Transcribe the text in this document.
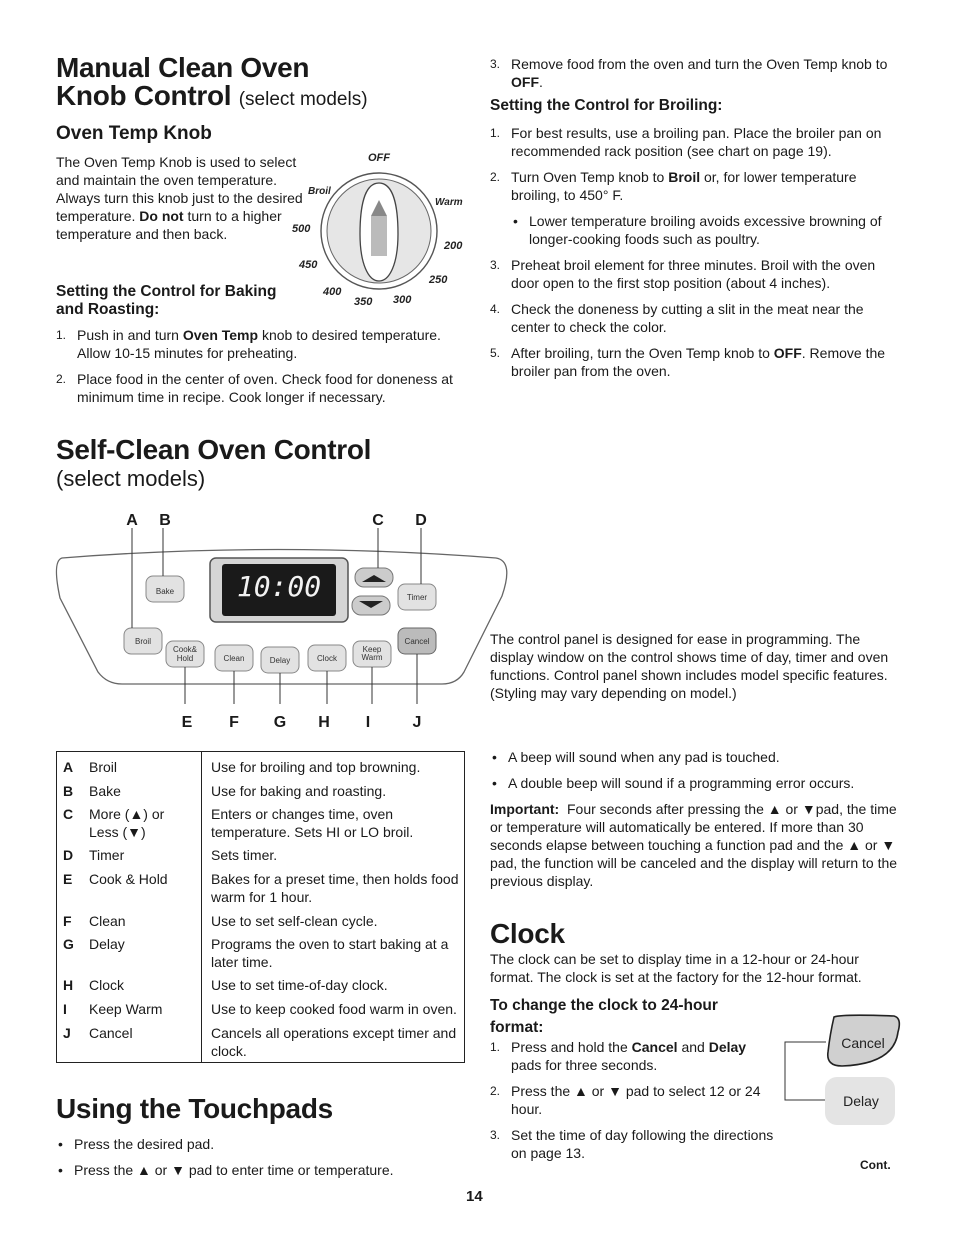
Manual Clean Oven
Knob Control (select models)
Oven Temp Knob
The Oven Temp Knob is used to select and maintain the oven temperature. Always turn this knob just to the desired temperature. Do not turn to a higher temperature and then back.
OFF
Broil
Warm
500
200
450
250
400
300
350
Setting the Control for Baking and Roasting:
1. Push in and turn Oven Temp knob to desired temperature. Allow 10-15 minutes for preheating.
2. Place food in the center of oven. Check food for doneness at minimum time in recipe. Cook longer if necessary.
3. Remove food from the oven and turn the Oven Temp knob to OFF.
Setting the Control for Broiling:
1. For best results, use a broiling pan. Place the broiler pan on recommended rack position (see chart on page 19).
2. Turn Oven Temp knob to Broil or, for lower temperature broiling, to 450° F.
• Lower temperature broiling avoids excessive browning of longer-cooking foods such as poultry.
3. Preheat broil element for three minutes. Broil with the oven door open to the first stop position (about 4 inches).
4. Check the doneness by cutting a slit in the meat near the center to check the color.
5. After broiling, turn the Oven Temp knob to OFF. Remove the broiler pan from the oven.
Self-Clean Oven Control
(select models)
10:00
Bake
Broil
Cook&
Hold	Clean	Delay	Clock
Keep
Warm
Cancel
Timer
A B	C D
E F G H I	J
The control panel is designed for ease in programming. The display window on the control shows time of day, timer and oven functions. Control panel shown includes model specific features. (Styling may vary depending on model.)
A	Broil	Use for broiling and top browning.
B	Bake	Use for baking and roasting.
C	More (▲) or Less (▼)	Enters or changes time, oven temperature. Sets HI or LO broil.
D	Timer	Sets timer.
E	Cook & Hold	Bakes for a preset time, then holds food warm for 1 hour.
F	Clean	Use to set self-clean cycle.
G	Delay	Programs the oven to start baking at a later time.
H	Clock	Use to set time-of-day clock.
I	Keep Warm	Use to keep cooked food warm in oven.
J	Cancel	Cancels all operations except timer and clock.
• A beep will sound when any pad is touched.
• A double beep will sound if a programming error occurs.
Important: Four seconds after pressing the ▲ or ▼pad, the time or temperature will automatically be entered. If more than 30 seconds elapse between touching a function pad and the ▲ or ▼ pad, the function will be canceled and the display will return to the previous display.
Using the Touchpads
• Press the desired pad.
• Press the ▲ or ▼ pad to enter time or temperature.
Clock
The clock can be set to display time in a 12-hour or 24-hour format. The clock is set at the factory for the 12-hour format.
To change the clock to 24-hour format:
1. Press and hold the Cancel and Delay pads for three seconds.
2. Press the ▲ or ▼ pad to select 12 or 24 hour.
3. Set the time of day following the directions on page 13.
Cancel
Delay
Cont.
14
